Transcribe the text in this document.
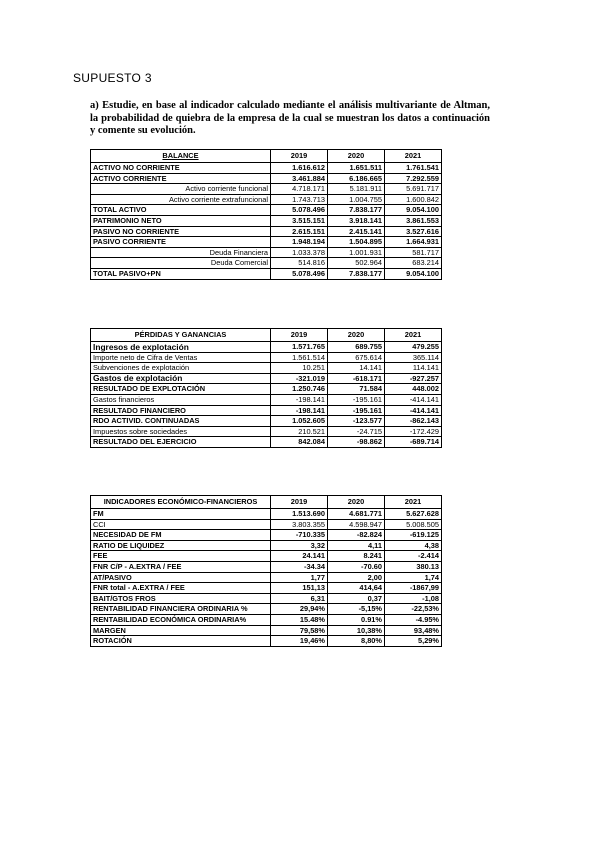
SUPUESTO 3
a) Estudie, en base al indicador calculado mediante el análisis multivariante de Altman, la probabilidad de quiebra de la empresa de la cual se muestran los datos a continuación y comente su evolución.
BALANCE	2019	2020	2021
ACTIVO NO CORRIENTE	1.616.612	1.651.511	1.761.541
ACTIVO CORRIENTE	3.461.884	6.186.665	7.292.559
Activo corriente funcional	4.718.171	5.181.911	5.691.717
Activo corriente extrafuncional	1.743.713	1.004.755	1.600.842
TOTAL ACTIVO	5.078.496	7.838.177	9.054.100
PATRIMONIO NETO	3.515.151	3.918.141	3.861.553
PASIVO NO CORRIENTE	2.615.151	2.415.141	3.527.616
PASIVO CORRIENTE	1.948.194	1.504.895	1.664.931
Deuda Financiera	1.033.378	1.001.931	581.717
Deuda Comercial	514.816	502.964	683.214
TOTAL PASIVO+PN	5.078.496	7.838.177	9.054.100
PÉRDIDAS Y GANANCIAS	2019	2020	2021
Ingresos de explotación	1.571.765	689.755	479.255
Importe neto de Cifra de Ventas	1.561.514	675.614	365.114
Subvenciones de explotación	10.251	14.141	114.141
Gastos de explotación	-321.019	-618.171	-927.257
RESULTADO DE EXPLOTACIÓN	1.250.746	71.584	448.002
Gastos financieros	-198.141	-195.161	-414.141
RESULTADO FINANCIERO	-198.141	-195.161	-414.141
RDO ACTIVID. CONTINUADAS	1.052.605	-123.577	-862.143
Impuestos sobre sociedades	210.521	-24.715	-172.429
RESULTADO DEL EJERCICIO	842.084	-98.862	-689.714
INDICADORES ECONÓMICO-FINANCIEROS	2019	2020	2021
FM	1.513.690	4.681.771	5.627.628
CCI	3.803.355	4.598.947	5.008.505
NECESIDAD DE FM	-710.335	-82.824	-619.125
RATIO DE LIQUIDEZ	3,32	4,11	4,38
FEE	24.141	8.241	-2.414
FNR C/P - A.EXTRA / FEE	-34.34	-70.60	380.13
AT/PASIVO	1,77	2,00	1,74
FNR total - A.EXTRA / FEE	151,13	414,64	-1867,99
BAIT/GTOS FROS	6,31	0,37	-1,08
RENTABILIDAD FINANCIERA ORDINARIA %	29,94%	-5,15%	-22,53%
RENTABILIDAD ECONÓMICA ORDINARIA%	15.48%	0.91%	-4.95%
MARGEN	79,58%	10,38%	93,48%
ROTACIÓN	19,46%	8,80%	5,29%
